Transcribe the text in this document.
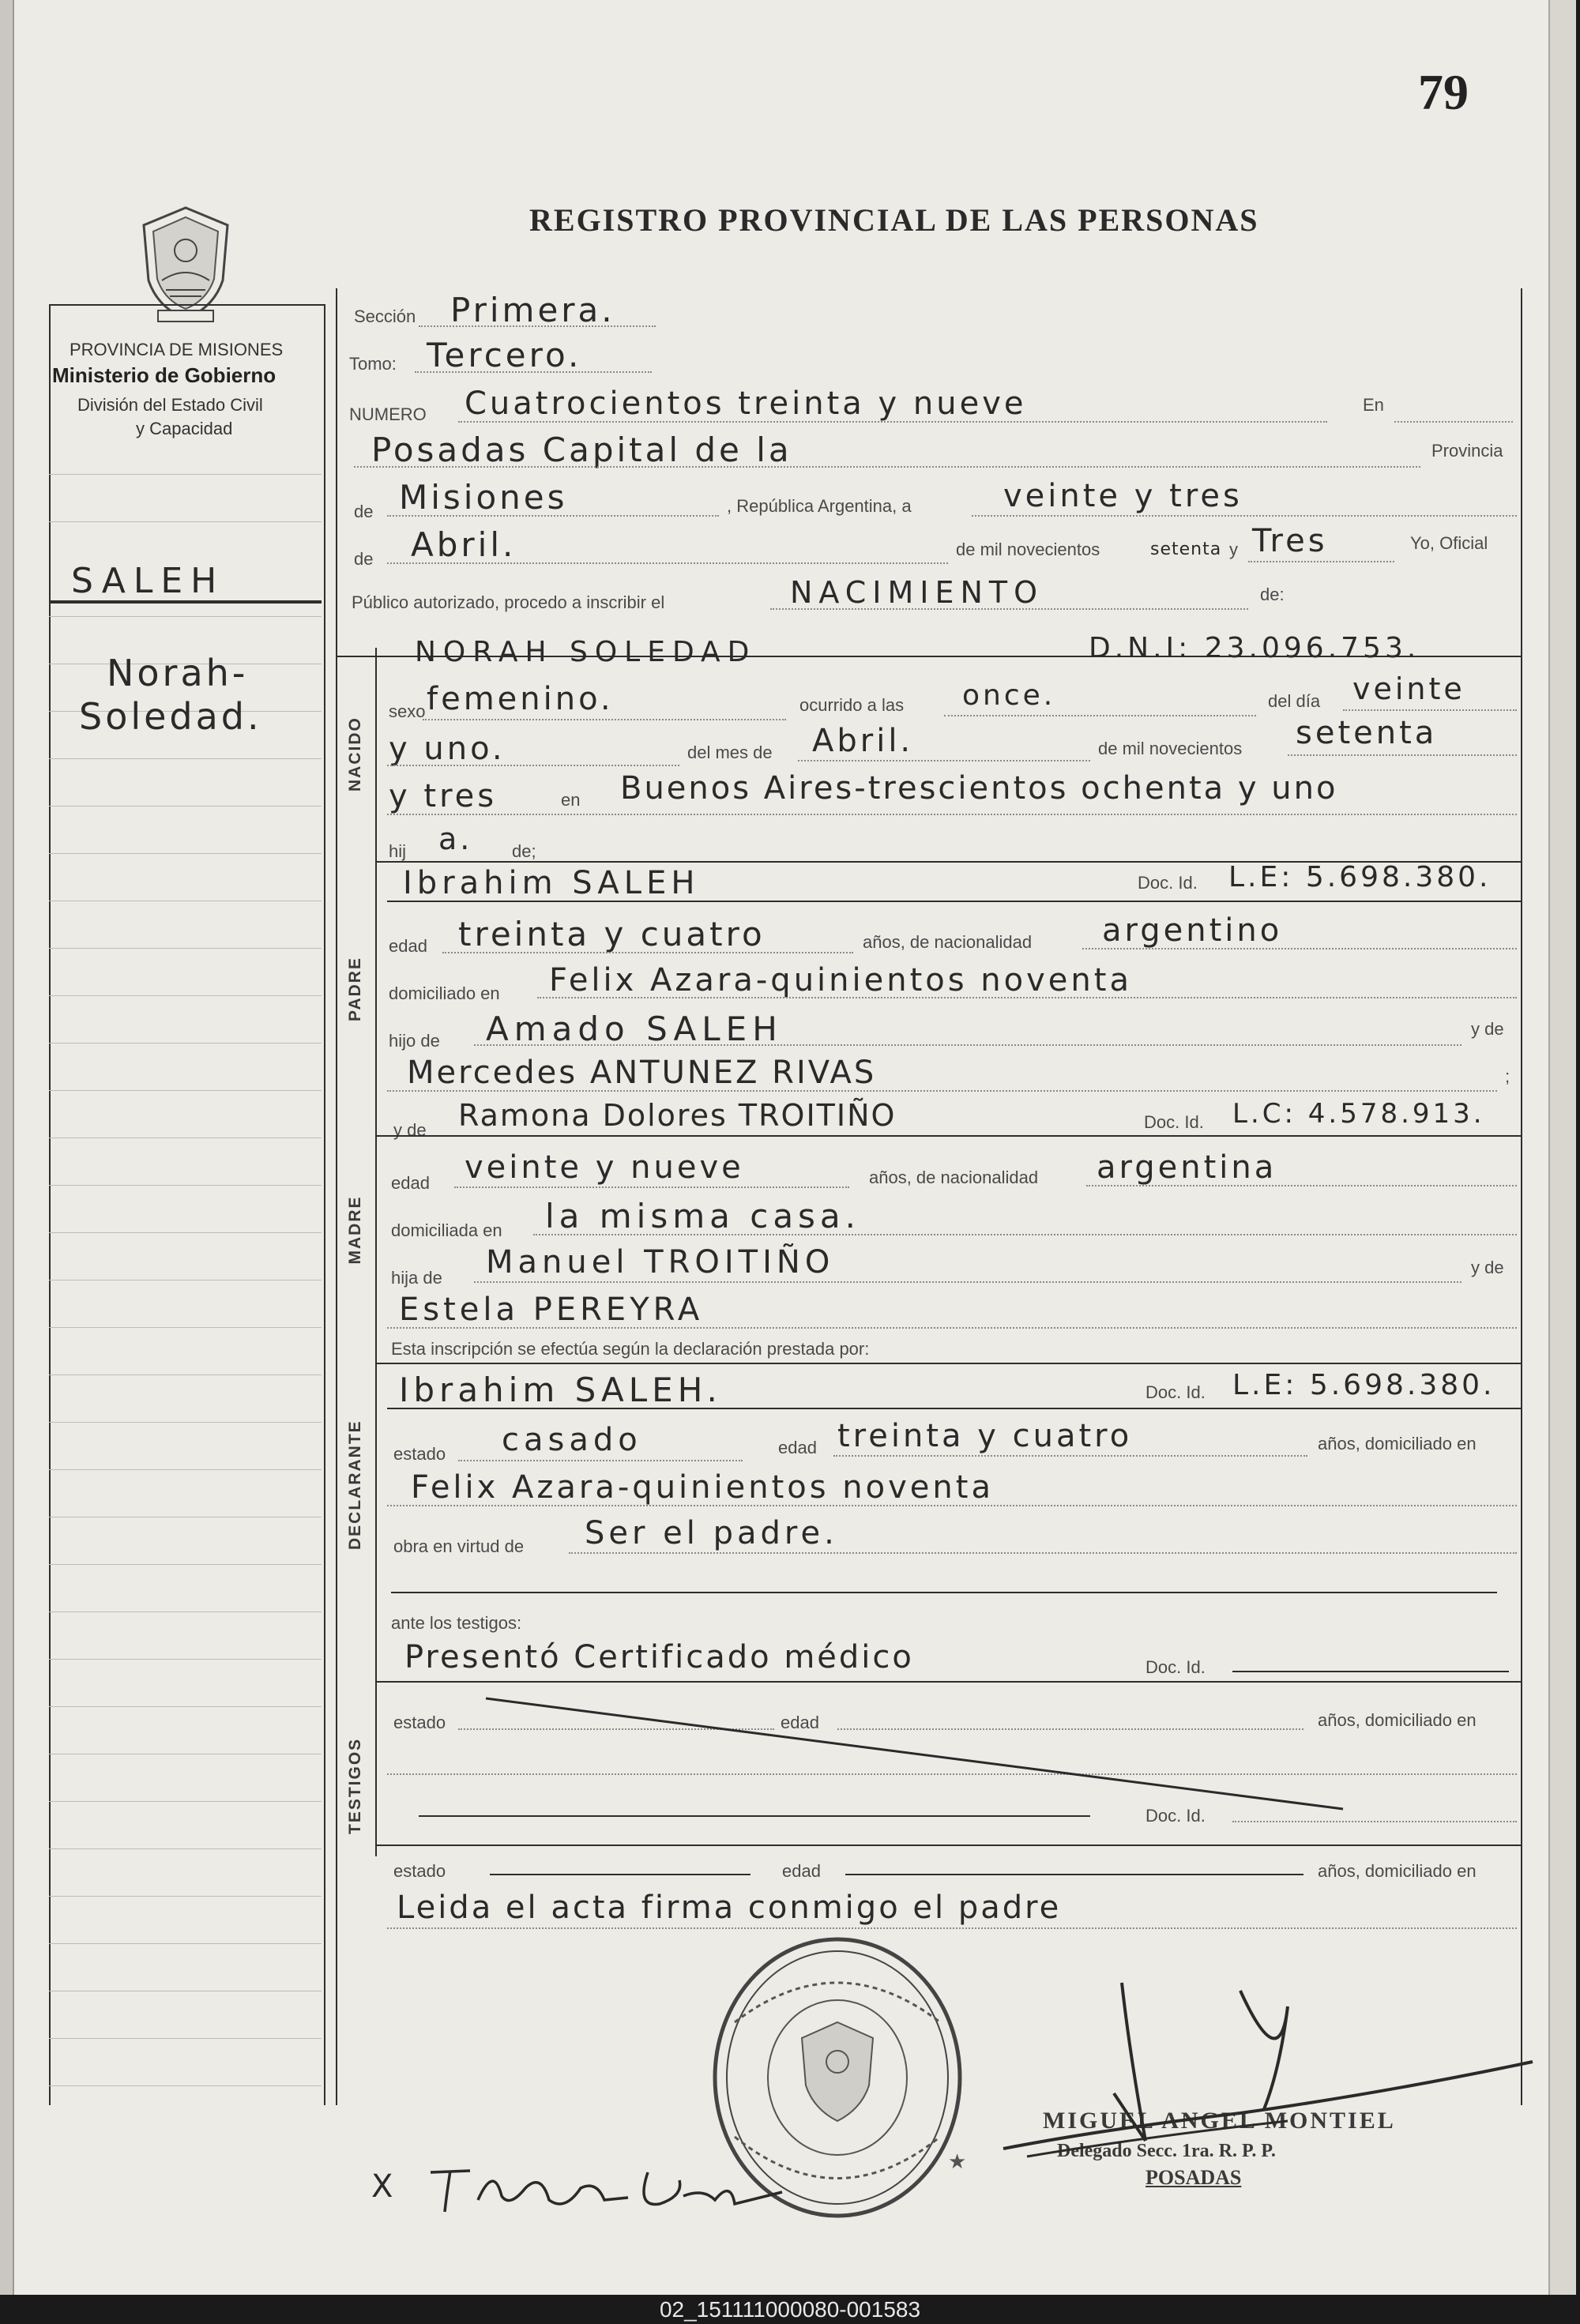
79
REGISTRO PROVINCIAL DE LAS PERSONAS
PROVINCIA DE MISIONES
Ministerio de Gobierno
División del Estado Civil
y Capacidad
SALEH
Norah-
Soledad.
Sección Primera.
Tomo: Tercero.
NUMERO Cuatrocientos treinta y nueve	En
Posadas Capital de la	Provincia
de Misiones	, República Argentina, a	veinte y tres
de Abril.	de mil novecientos	setenta y Tres	Yo, Oficial
Público autorizado, procedo a inscribir el	NACIMIENTO	de:
NACIDO
NORAH SOLEDAD	D.N.I: 23.096.753.
sexo femenino.	ocurrido a las once.	del día veinte
y uno.	del mes de Abril.	de mil novecientos setenta
y tres	en Buenos Aires-trescientos ochenta y uno
hij a. de;
PADRE
Ibrahim SALEH	Doc. Id. L.E: 5.698.380.
edad treinta y cuatro	años, de nacionalidad argentino
domiciliado en Felix Azara-quinientos noventa
hijo de Amado SALEH	y de
Mercedes ANTUNEZ RIVAS	;
y de Ramona Dolores TROITIÑO	Doc. Id. L.C: 4.578.913.
MADRE
edad veinte y nueve	años, de nacionalidad argentina
domiciliada en la misma casa.
hija de Manuel TROITIÑO	y de
Estela PEREYRA
Esta inscripción se efectúa según la declaración prestada por:
DECLARANTE
Ibrahim SALEH.	Doc. Id. L.E: 5.698.380.
estado casado	edad treinta y cuatro	años, domiciliado en
Felix Azara-quinientos noventa
obra en virtud de Ser el padre.
ante los testigos:
TESTIGOS
Presentó Certificado médico	Doc. Id.
estado	edad	años, domiciliado en
Doc. Id.
estado	edad	años, domiciliado en
Leida el acta firma conmigo el padre
★
MIGUEL ANGEL MONTIEL
Delegado Secc. 1ra. R. P. P.
POSADAS
X
02_151111000080-001583
